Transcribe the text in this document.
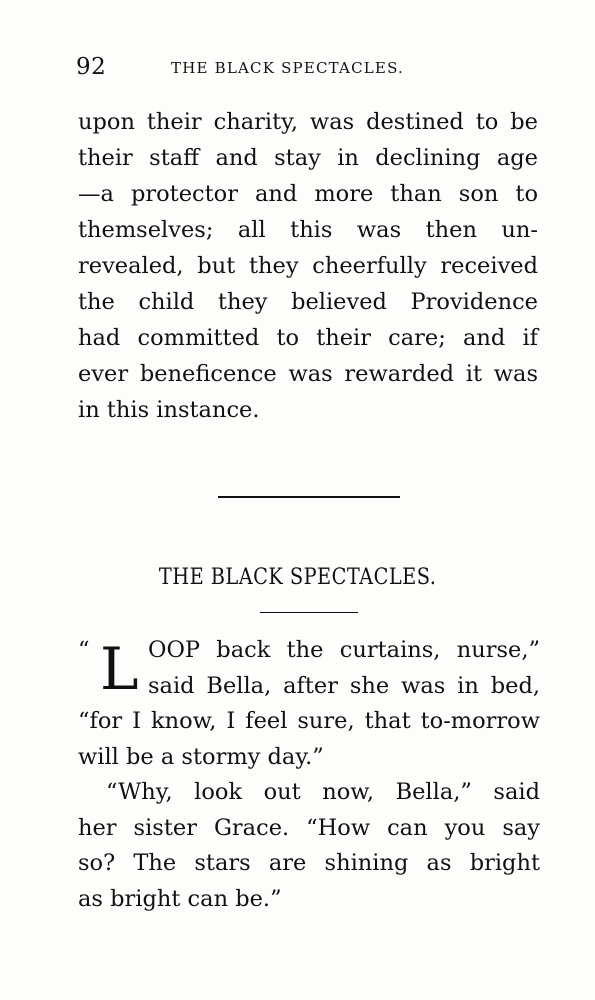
92	THE BLACK SPECTACLES.
upon their charity, was destined to be
their staff and stay in declining age
—a protector and more than son to
themselves; all this was then un-
revealed, but they cheerfully received
the child they believed Providence
had committed to their care; and if
ever beneficence was rewarded it was
in this instance.
THE BLACK SPECTACLES.
“ L OOP back the curtains, nurse,”
said Bella, after she was in bed,
“for I know, I feel sure, that to-morrow
will be a stormy day.”
“Why, look out now, Bella,” said
her sister Grace. “How can you say
so? The stars are shining as bright
as bright can be.”
